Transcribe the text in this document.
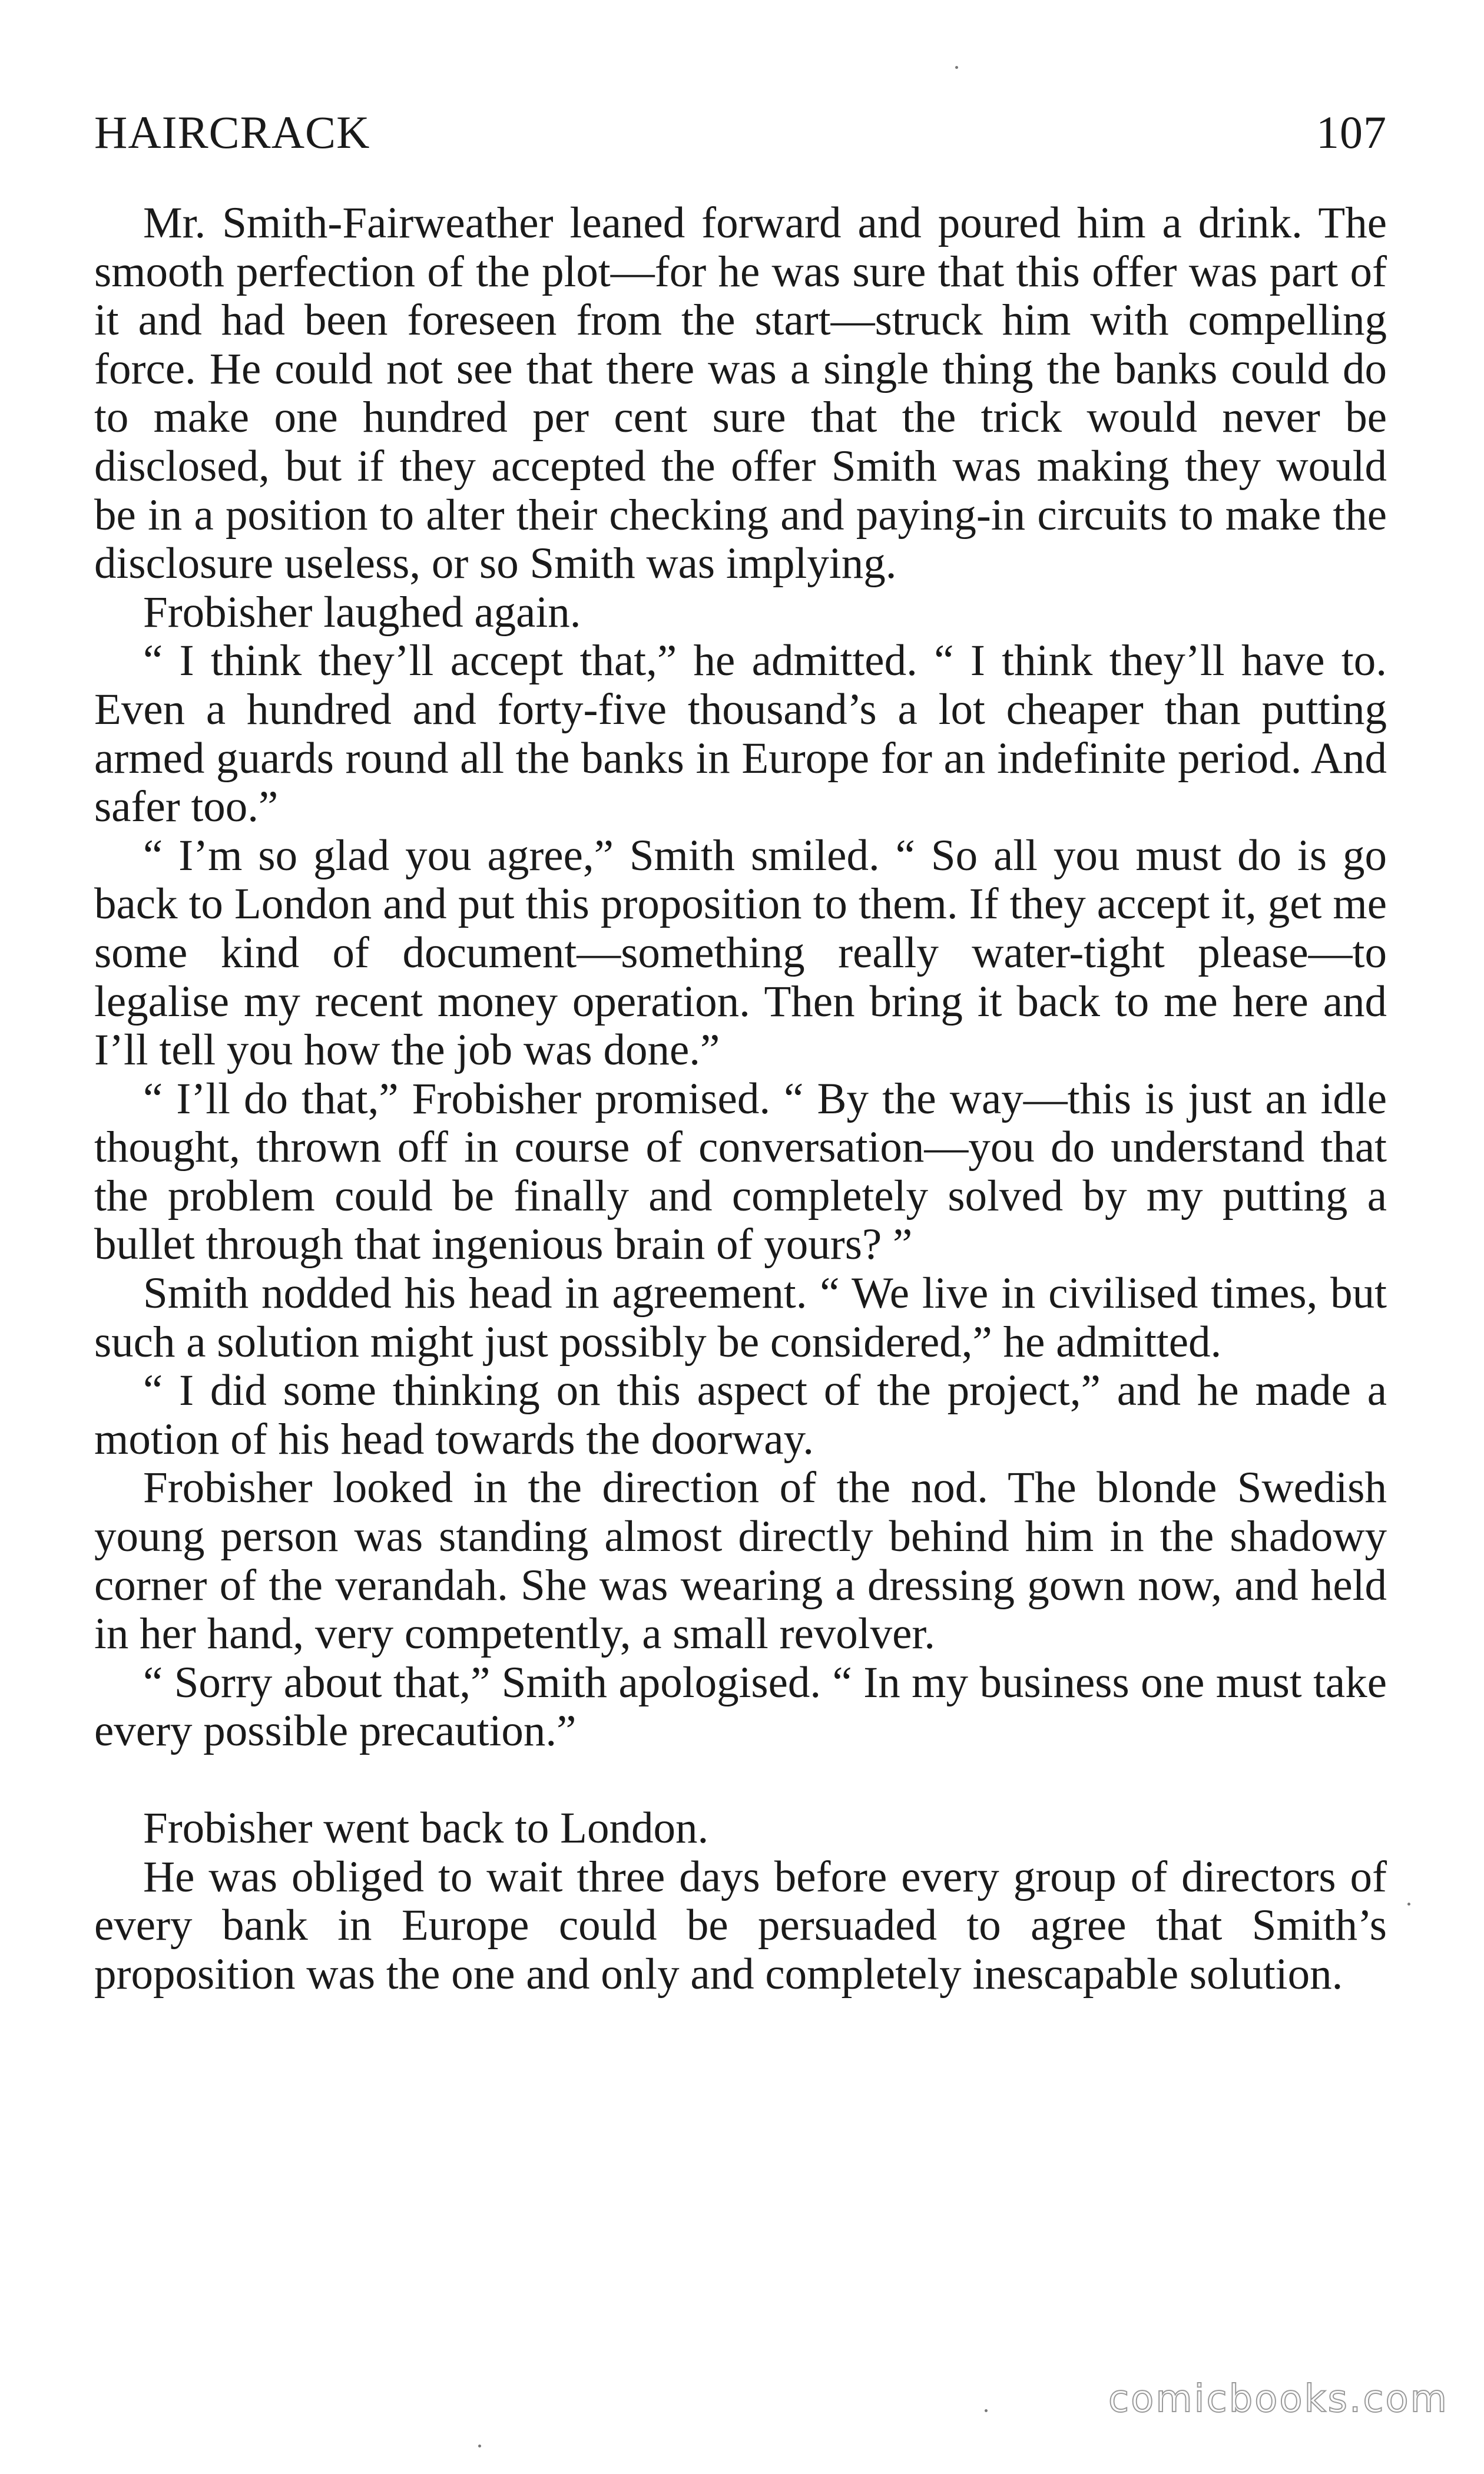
HAIRCRACK	107

Mr. Smith-Fairweather leaned forward and poured him a drink. The smooth perfection of the plot—for he was sure that this offer was part of it and had been foreseen from the start—struck him with compelling force. He could not see that there was a single thing the banks could do to make one hundred per cent sure that the trick would never be disclosed, but if they accepted the offer Smith was making they would be in a position to alter their checking and paying-in circuits to make the disclosure useless, or so Smith was implying.

Frobisher laughed again.

“ I think they’ll accept that,” he admitted. “ I think they’ll have to. Even a hundred and forty-five thousand’s a lot cheaper than putting armed guards round all the banks in Europe for an indefinite period. And safer too.”

“ I’m so glad you agree,” Smith smiled. “ So all you must do is go back to London and put this proposition to them. If they accept it, get me some kind of document—something really water-tight please—to legalise my recent money operation. Then bring it back to me here and I’ll tell you how the job was done.”

“ I’ll do that,” Frobisher promised. “ By the way—this is just an idle thought, thrown off in course of conversation—you do understand that the problem could be finally and completely solved by my putting a bullet through that ingenious brain of yours? ”

Smith nodded his head in agreement. “ We live in civilised times, but such a solution might just possibly be considered,” he admitted.

“ I did some thinking on this aspect of the project,” and he made a motion of his head towards the doorway.

Frobisher looked in the direction of the nod. The blonde Swedish young person was standing almost directly behind him in the shadowy corner of the verandah. She was wearing a dressing gown now, and held in her hand, very competently, a small revolver.

“ Sorry about that,” Smith apologised. “ In my business one must take every possible precaution.”

Frobisher went back to London.

He was obliged to wait three days before every group of directors of every bank in Europe could be persuaded to agree that Smith’s proposition was the one and only and completely inescapable solution.

comicbooks.com
